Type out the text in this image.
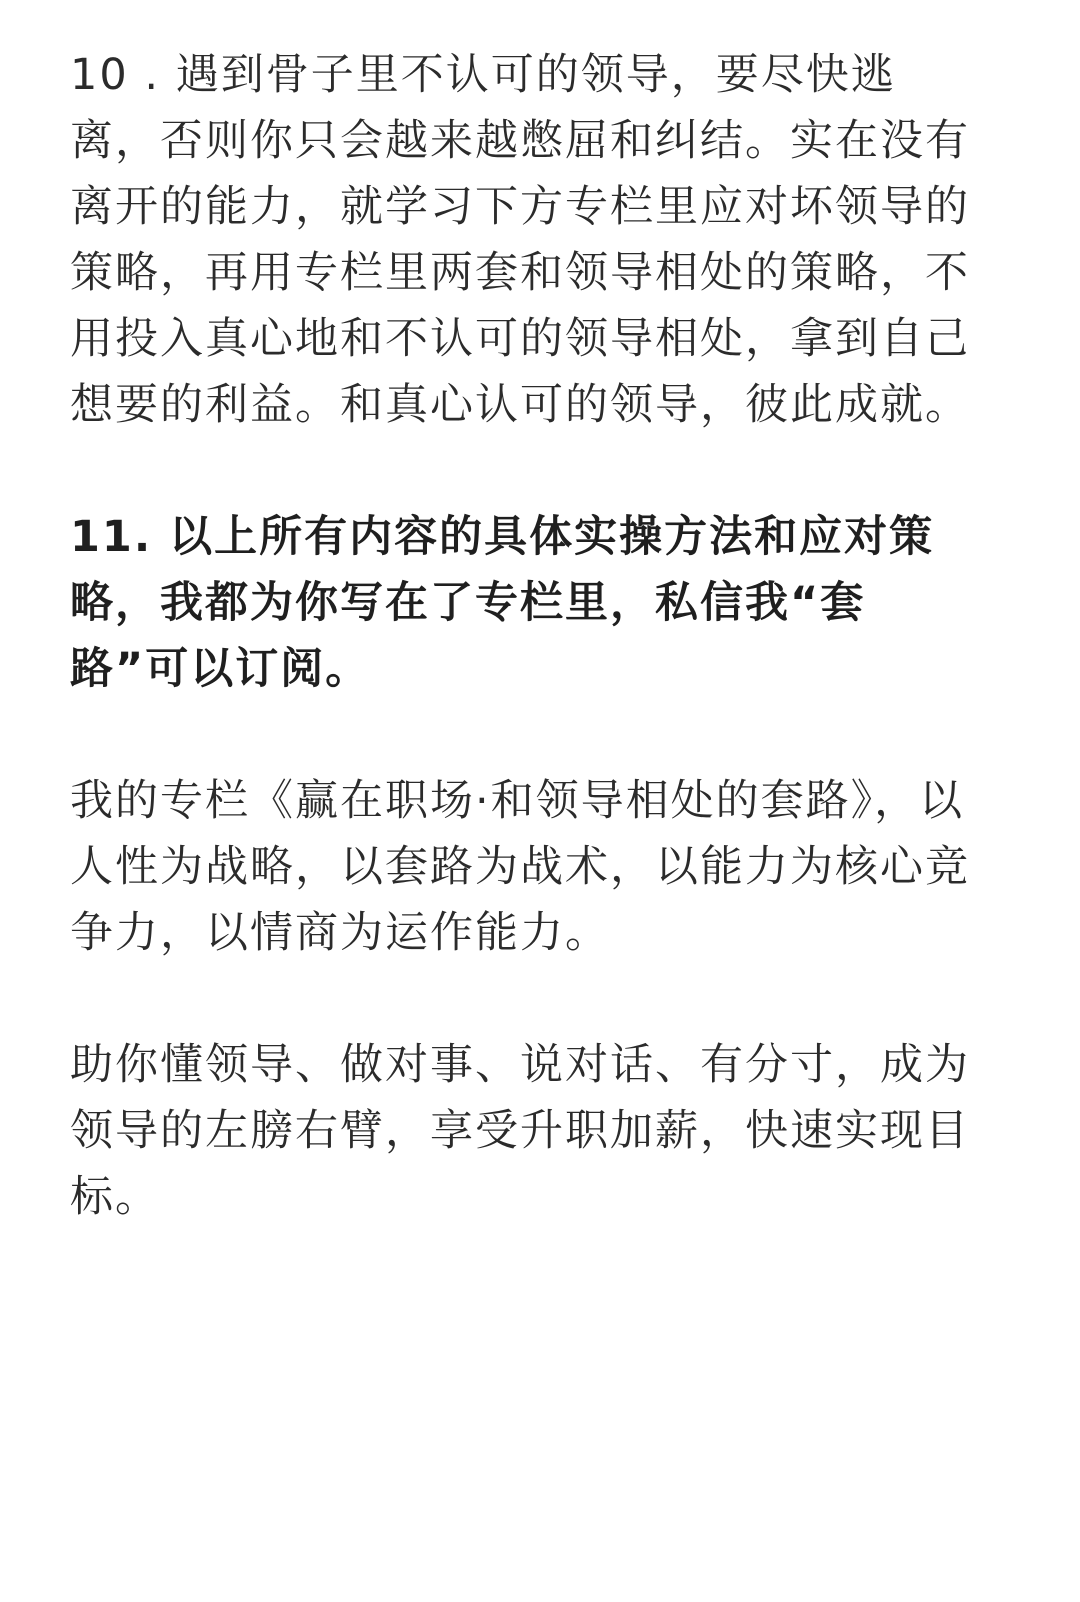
10 . 遇到骨子里不认可的领导，要尽快逃离，否则你只会越来越憋屈和纠结。实在没有离开的能力，就学习下方专栏里应对坏领导的策略，再用专栏里两套和领导相处的策略，不用投入真心地和不认可的领导相处，拿到自己想要的利益。和真心认可的领导，彼此成就。

11. 以上所有内容的具体实操方法和应对策略，我都为你写在了专栏里，私信我“套路”可以订阅。

我的专栏《赢在职场·和领导相处的套路》，以人性为战略，以套路为战术，以能力为核心竞争力，以情商为运作能力。

助你懂领导、做对事、说对话、有分寸，成为领导的左膀右臂，享受升职加薪，快速实现目标。
